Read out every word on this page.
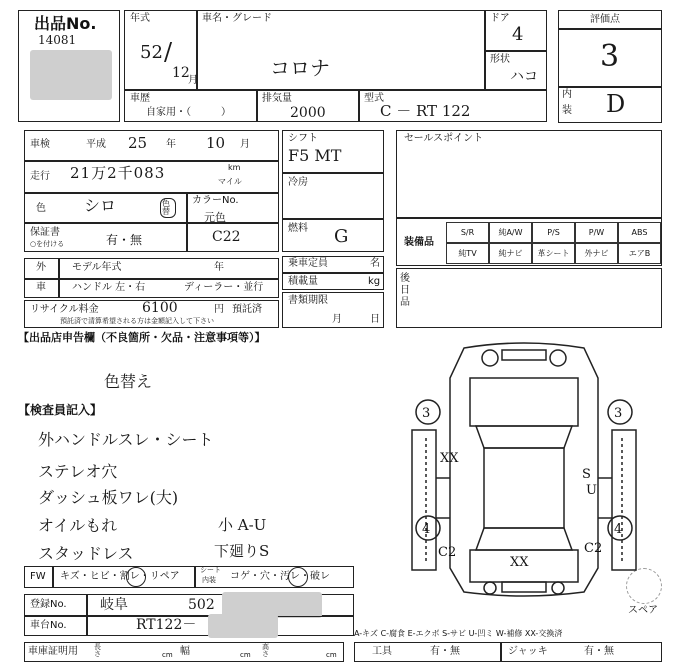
出品No.
14081
年式
52 /
12
月
車名・グレード
コロナ
ドア
4
形状
ハコ
評価点
3
内
装 D
車歴
自家用・（　　　）
排気量
2000
型式
C － RT 122
車検	平成 25 年 10 月
走行 21万2千083	km
マイル
色 シロ	色替
カラーNo.
元色
C22
保証書
○を付ける	有・無
シフト
F5 MT
冷房
燃料 G
セールスポイント
装備品
S/R	純A/W	P/S	P/W	ABS
純TV	純ナビ	革シート	外ナビ	エアB
外
車
モデル年式	年
ハンドル 左・右	ディーラー・並行
乗車定員	名
積載量	kg
書類期限
月	日
後
日
品
リサイクル料金	6100	円 預託済
預託済で清算希望される方は金額記入して下さい
【出品店申告欄（不良箇所・欠品・注意事項等）】
色替え
【検査員記入】
外ハンドルスレ・シート
ステレオ穴
ダッシュ板ワレ(大)
オイルもれ	小 A-U
スタッドレス	下廻りS
FW キズ・ヒビ・割レ・リペア
シート
内装 コゲ・穴・汚レ・破レ
登録No. 岐阜	502
車台No.	RT122－
車庫証明用 長さ	cm 幅	cm
高さ	cm	工具	有・無	ジャッキ	有・無
A-キズ C-腐食 E-エクボ S-サビ U-凹ミ W-補修 XX-交換済
スペア
3	3
XX
S
U
4	4
C2
XX
C2
